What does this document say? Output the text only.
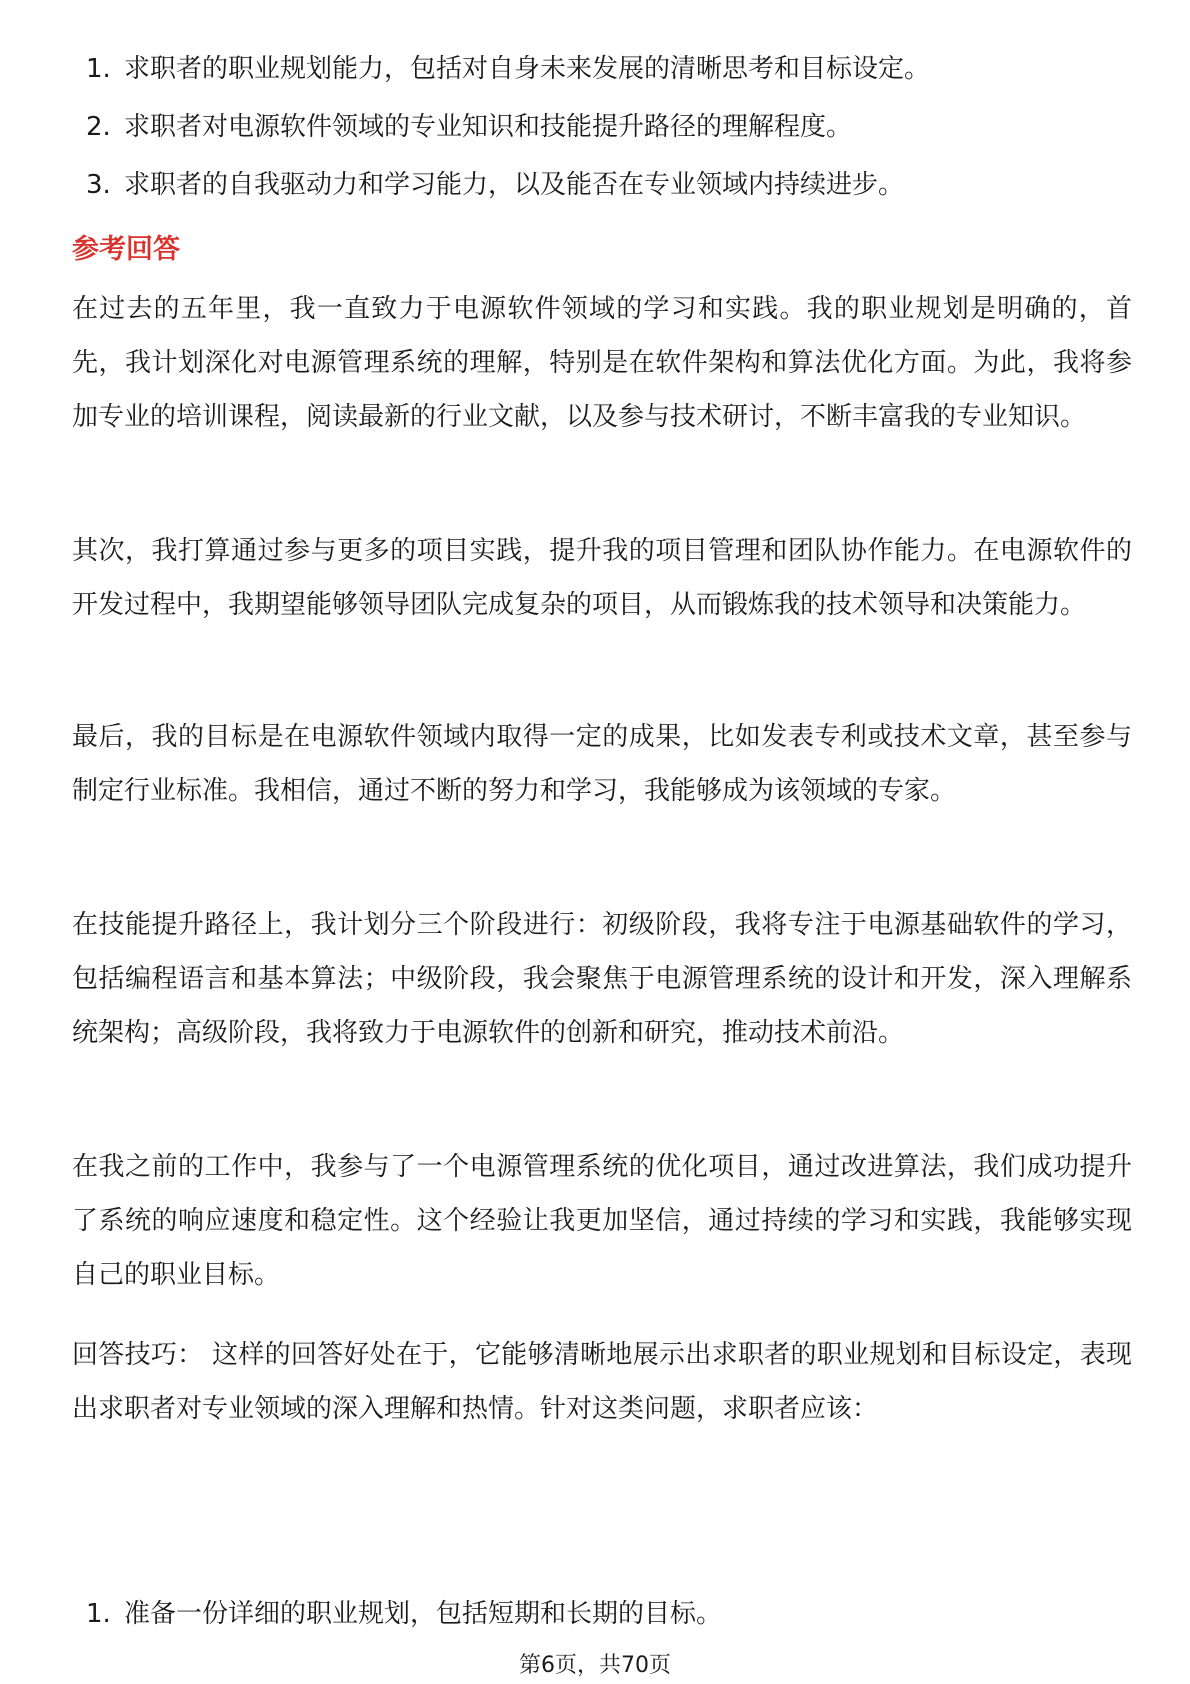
1. 求职者的职业规划能力，包括对自身未来发展的清晰思考和目标设定。
2. 求职者对电源软件领域的专业知识和技能提升路径的理解程度。
3. 求职者的自我驱动力和学习能力，以及能否在专业领域内持续进步。
参考回答

在过去的五年里，我一直致力于电源软件领域的学习和实践。我的职业规划是明确的，首先，我计划深化对电源管理系统的理解，特别是在软件架构和算法优化方面。为此，我将参加专业的培训课程，阅读最新的行业文献，以及参与技术研讨，不断丰富我的专业知识。

其次，我打算通过参与更多的项目实践，提升我的项目管理和团队协作能力。在电源软件的开发过程中，我期望能够领导团队完成复杂的项目，从而锻炼我的技术领导和决策能力。

最后，我的目标是在电源软件领域内取得一定的成果，比如发表专利或技术文章，甚至参与制定行业标准。我相信，通过不断的努力和学习，我能够成为该领域的专家。

在技能提升路径上，我计划分三个阶段进行：初级阶段，我将专注于电源基础软件的学习，包括编程语言和基本算法；中级阶段，我会聚焦于电源管理系统的设计和开发，深入理解系统架构；高级阶段，我将致力于电源软件的创新和研究，推动技术前沿。

在我之前的工作中，我参与了一个电源管理系统的优化项目，通过改进算法，我们成功提升了系统的响应速度和稳定性。这个经验让我更加坚信，通过持续的学习和实践，我能够实现自己的职业目标。

回答技巧： 这样的回答好处在于，它能够清晰地展示出求职者的职业规划和目标设定，表现出求职者对专业领域的深入理解和热情。针对这类问题，求职者应该：

1. 准备一份详细的职业规划，包括短期和长期的目标。
第6页，共70页
